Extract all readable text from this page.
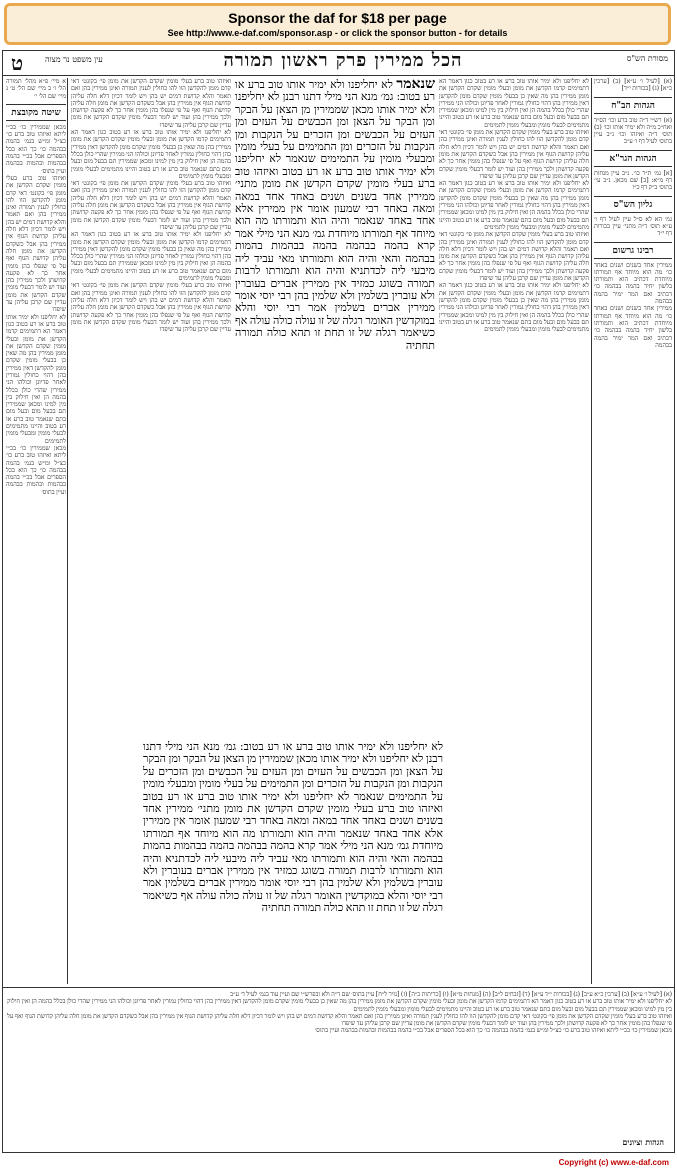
Sponsor the daf for $18 per page
See http://www.e-daf.com/sponsor.asp - or click the sponsor button - for details
מסורת הש"ס
הכל ממירין פרק ראשון תמורה
ט	עין משפט נר מצוה
א מיי׳ פ״א מהל׳ תמורה הל׳ ו׳ ב מיי׳ שם הל׳ ט׳ ג מיי׳ שם הל׳ י׳
שיטה מקובצת
מכאן שממירין כו׳ בכ״י ליתא ואיזהו טוב ברע כו׳ כצ״ל ומ״ש בגמ׳ בהמה בבהמה כו׳ כך הוא בכל הספרים אבל בכ״י בהמה בבהמות ובהמות בבהמה ועיין בתוס׳
ואיזהו טוב ברע בעלי מומין שקדם הקדשן את מומן פי׳ בקונט׳ דאי קדם מומן להקדשן הוו להו כחולין לענין תמורה ואינן ממירין בהן ואם תאמר והלא קדושת דמים יש בהן ויש לומר דכיון דלא חלה עליהן קדושת הגוף אין ממירין בהן אבל כשקדם הקדשן את מומן חלה עליהן קדושת הגוף ואף על פי שנפלו בהן מומין אחר כך לא פקעה קדושתן ולכך ממירין בהן ועוד יש לומר דבעלי מומין שקדם הקדשן את מומן עדיין שם קרבן עליהן עד שיפדו
לא יחליפנו ולא ימיר אותו טוב ברע או רע בטוב כגון דאמר הא דתמימים קדמו הקדשן את מומן ובעלי מומין שקדם הקדשן את מומן ממירין בהן מה שאין כן בבעלי מומין שקדם מומן להקדשן דאין ממירין בהן דהוי כחולין גמורין לאחר פדיונן וכולהו הני ממירין שהרי כולן בכלל בהמה הן ואין חילוק בין מין למינו ומכאן שממירין תם בבעל מום ובעל מום בתם שנאמר טוב ברע או רע בטוב והיינו מתמימים לבעלי מומין ומבעלי מומין לתמימים
מכאן שממירין כו׳ בכ״י ליתא ואיזהו טוב ברע כו׳ כצ״ל ומ״ש בגמ׳ בהמה בבהמה כו׳ כך הוא בכל הספרים אבל בכ״י בהמה בבהמות ובהמות בבהמה ועיין בתוס׳
ואיזהו טוב ברע בעלי מומין שקדם הקדשן את מומן פי׳ בקונט׳ דאי קדם מומן להקדשן הוו להו כחולין לענין תמורה ואינן ממירין בהן ואם תאמר והלא קדושת דמים יש בהן ויש לומר דכיון דלא חלה עליהן קדושת הגוף אין ממירין בהן אבל כשקדם הקדשן את מומן חלה עליהן קדושת הגוף ואף על פי שנפלו בהן מומין אחר כך לא פקעה קדושתן ולכך ממירין בהן ועוד יש לומר דבעלי מומין שקדם הקדשן את מומן עדיין שם קרבן עליהן עד שיפדו
לא יחליפנו ולא ימיר אותו טוב ברע או רע בטוב כגון דאמר הא דתמימים קדמו הקדשן את מומן ובעלי מומין שקדם הקדשן את מומן ממירין בהן מה שאין כן בבעלי מומין שקדם מומן להקדשן דאין ממירין בהן דהוי כחולין גמורין לאחר פדיונן וכולהו הני ממירין שהרי כולן בכלל בהמה הן ואין חילוק בין מין למינו ומכאן שממירין תם בבעל מום ובעל מום בתם שנאמר טוב ברע או רע בטוב והיינו מתמימים לבעלי מומין ומבעלי מומין לתמימים
ואיזהו טוב ברע בעלי מומין שקדם הקדשן את מומן פי׳ בקונט׳ דאי קדם מומן להקדשן הוו להו כחולין לענין תמורה ואינן ממירין בהן ואם תאמר והלא קדושת דמים יש בהן ויש לומר דכיון דלא חלה עליהן קדושת הגוף אין ממירין בהן אבל כשקדם הקדשן את מומן חלה עליהן קדושת הגוף ואף על פי שנפלו בהן מומין אחר כך לא פקעה קדושתן ולכך ממירין בהן ועוד יש לומר דבעלי מומין שקדם הקדשן את מומן עדיין שם קרבן עליהן עד שיפדו
לא יחליפנו ולא ימיר אותו טוב ברע או רע בטוב כגון דאמר הא דתמימים קדמו הקדשן את מומן ובעלי מומין שקדם הקדשן את מומן ממירין בהן מה שאין כן בבעלי מומין שקדם מומן להקדשן דאין ממירין בהן דהוי כחולין גמורין לאחר פדיונן וכולהו הני ממירין שהרי כולן בכלל בהמה הן ואין חילוק בין מין למינו ומכאן שממירין תם בבעל מום ובעל מום בתם שנאמר טוב ברע או רע בטוב והיינו מתמימים לבעלי מומין ומבעלי מומין לתמימים
ואיזהו טוב ברע בעלי מומין שקדם הקדשן את מומן פי׳ בקונט׳ דאי קדם מומן להקדשן הוו להו כחולין לענין תמורה ואינן ממירין בהן ואם תאמר והלא קדושת דמים יש בהן ויש לומר דכיון דלא חלה עליהן קדושת הגוף אין ממירין בהן אבל כשקדם הקדשן את מומן חלה עליהן קדושת הגוף ואף על פי שנפלו בהן מומין אחר כך לא פקעה קדושתן ולכך ממירין בהן ועוד יש לומר דבעלי מומין שקדם הקדשן את מומן עדיין שם קרבן עליהן עד שיפדו
שנאמר לא יחליפנו ולא ימיר אותו טוב ברע או רע בטוב: גמ׳ מנא הני מילי דתנו רבנן לא יחליפנו ולא ימיר אותו מכאן שממירין מן הצאן על הבקר ומן הבקר על הצאן ומן הכבשים על העזים ומן העזים על הכבשים ומן הזכרים על הנקבות ומן הנקבות על הזכרים ומן התמימים על בעלי מומין ומבעלי מומין על התמימים שנאמר לא יחליפנו ולא ימיר אותו טוב ברע או רע בטוב ואיזהו טוב ברע בעלי מומין שקדם הקדשן את מומן מתני׳ ממירין אחד בשנים ושנים באחד אחד במאה ומאה באחד רבי שמעון אומר אין ממירין אלא אחד באחד שנאמר והיה הוא ותמורתו מה הוא מיוחד אף תמורתו מיוחדת גמ׳ מנא הני מילי אמר קרא בהמה בבהמה בהמה בבהמות בהמות בבהמה והאי והיה הוא ותמורתו מאי עביד ליה מיבעי ליה לכדתניא והיה הוא ותמורתו לרבות תמורה בשוגג כמזיד אין ממירין אברים בעוברין ולא עוברין בשלמין ולא שלמין בהן רבי יוסי אומר ממירין אברים בשלמין אמר רבי יוסי והלא במוקדשין האומר רגלה של זו עולה כולה עולה אף כשיאמר רגלה של זו תחת זו תהא כולה תמורה תחתיה
לא יחליפנו ולא ימיר אותו טוב ברע או רע בטוב: גמ׳ מנא הני מילי דתנו רבנן לא יחליפנו ולא ימיר אותו מכאן שממירין מן הצאן על הבקר ומן הבקר על הצאן ומן הכבשים על העזים ומן העזים על הכבשים ומן הזכרים על הנקבות ומן הנקבות על הזכרים ומן התמימים על בעלי מומין ומבעלי מומין על התמימים שנאמר לא יחליפנו ולא ימיר אותו טוב ברע או רע בטוב ואיזהו טוב ברע בעלי מומין שקדם הקדשן את מומן מתני׳ ממירין אחד בשנים ושנים באחד אחד במאה ומאה באחד רבי שמעון אומר אין ממירין אלא אחד באחד שנאמר והיה הוא ותמורתו מה הוא מיוחד אף תמורתו מיוחדת גמ׳ מנא הני מילי אמר קרא בהמה בבהמה בהמה בבהמות בהמות בבהמה והאי והיה הוא ותמורתו מאי עביד ליה מיבעי ליה לכדתניא והיה הוא ותמורתו לרבות תמורה בשוגג כמזיד אין ממירין אברים בעוברין ולא עוברין בשלמין ולא שלמין בהן רבי יוסי אומר ממירין אברים בשלמין אמר רבי יוסי והלא במוקדשין האומר רגלה של זו עולה כולה עולה אף כשיאמר רגלה של זו תחת זו תהא כולה תמורה תחתיה
לא יחליפנו ולא ימיר אותו טוב ברע או רע בטוב כגון דאמר הא דתמימים קדמו הקדשן את מומן ובעלי מומין שקדם הקדשן את מומן ממירין בהן מה שאין כן בבעלי מומין שקדם מומן להקדשן דאין ממירין בהן דהוי כחולין גמורין לאחר פדיונן וכולהו הני ממירין שהרי כולן בכלל בהמה הן ואין חילוק בין מין למינו ומכאן שממירין תם בבעל מום ובעל מום בתם שנאמר טוב ברע או רע בטוב והיינו מתמימים לבעלי מומין ומבעלי מומין לתמימים
ואיזהו טוב ברע בעלי מומין שקדם הקדשן את מומן פי׳ בקונט׳ דאי קדם מומן להקדשן הוו להו כחולין לענין תמורה ואינן ממירין בהן ואם תאמר והלא קדושת דמים יש בהן ויש לומר דכיון דלא חלה עליהן קדושת הגוף אין ממירין בהן אבל כשקדם הקדשן את מומן חלה עליהן קדושת הגוף ואף על פי שנפלו בהן מומין אחר כך לא פקעה קדושתן ולכך ממירין בהן ועוד יש לומר דבעלי מומין שקדם הקדשן את מומן עדיין שם קרבן עליהן עד שיפדו
לא יחליפנו ולא ימיר אותו טוב ברע או רע בטוב כגון דאמר הא דתמימים קדמו הקדשן את מומן ובעלי מומין שקדם הקדשן את מומן ממירין בהן מה שאין כן בבעלי מומין שקדם מומן להקדשן דאין ממירין בהן דהוי כחולין גמורין לאחר פדיונן וכולהו הני ממירין שהרי כולן בכלל בהמה הן ואין חילוק בין מין למינו ומכאן שממירין תם בבעל מום ובעל מום בתם שנאמר טוב ברע או רע בטוב והיינו מתמימים לבעלי מומין ומבעלי מומין לתמימים
ואיזהו טוב ברע בעלי מומין שקדם הקדשן את מומן פי׳ בקונט׳ דאי קדם מומן להקדשן הוו להו כחולין לענין תמורה ואינן ממירין בהן ואם תאמר והלא קדושת דמים יש בהן ויש לומר דכיון דלא חלה עליהן קדושת הגוף אין ממירין בהן אבל כשקדם הקדשן את מומן חלה עליהן קדושת הגוף ואף על פי שנפלו בהן מומין אחר כך לא פקעה קדושתן ולכך ממירין בהן ועוד יש לומר דבעלי מומין שקדם הקדשן את מומן עדיין שם קרבן עליהן עד שיפדו
לא יחליפנו ולא ימיר אותו טוב ברע או רע בטוב כגון דאמר הא דתמימים קדמו הקדשן את מומן ובעלי מומין שקדם הקדשן את מומן ממירין בהן מה שאין כן בבעלי מומין שקדם מומן להקדשן דאין ממירין בהן דהוי כחולין גמורין לאחר פדיונן וכולהו הני ממירין שהרי כולן בכלל בהמה הן ואין חילוק בין מין למינו ומכאן שממירין תם בבעל מום ובעל מום בתם שנאמר טוב ברע או רע בטוב והיינו מתמימים לבעלי מומין ומבעלי מומין לתמימים
(א) [לעיל ו׳ ע״א] (ב) [ערכין כ״א] (ג) [בכורות י״ד]
הגהות הב"ח
(א) רש״י ד״ה טוב ברע וכו׳ הס״ד ואח״כ מ״ה ולא ימיר אותו וכו׳ (ב) תוס׳ ד״ה ואיזהו וכו׳ נ״ב עיין בתוס׳ לעיל דף ו׳ ע״ב
הגהות הגר"א
[א] גמ׳ ת״ר כו׳. נ״ב עיין מנחות דף מ״א: [ב] שם מכאן. נ״ב עי׳ בתוס׳ ב״ק דף כ״ו
גליון הש"ס
גמ׳ הא לא ס״ל עיין לעיל דף ו׳ ע״א תוס׳ ד״ה מתני׳ עיין בכורות דף י״ד
רבינו גרשום
ממירין אחד בשנים ושנים באחד כו׳ מה הוא מיוחד אף תמורתו מיוחדת דכתיב הוא ותמורתו בלשון יחיד בהמה בבהמה כו׳ דכתיב ואם המר ימיר בהמה בבהמה
ממירין אחד בשנים ושנים באחד כו׳ מה הוא מיוחד אף תמורתו מיוחדת דכתיב הוא ותמורתו בלשון יחיד בהמה בבהמה כו׳ דכתיב ואם המר ימיר בהמה בבהמה
(א) [לעיל ו׳ ע״א] (ב) [ערכין כ״א ע״ב] (ג) [בכורות י״ד ע״א] (ד) [זבחים ל״ב] (ה) [מנחות מ״א] (ו) [כריתות כ״ה] (ז) [נזיר ל״ח] עיין בתוס׳ שם ד״ה ולא ובפרש״י שם ועיין עוד בגמ׳ לעיל ד׳ ע״ב
לא יחליפנו ולא ימיר אותו טוב ברע או רע בטוב כגון דאמר הא דתמימים קדמו הקדשן את מומן ובעלי מומין שקדם הקדשן את מומן ממירין בהן מה שאין כן בבעלי מומין שקדם מומן להקדשן דאין ממירין בהן דהוי כחולין גמורין לאחר פדיונן וכולהו הני ממירין שהרי כולן בכלל בהמה הן ואין חילוק בין מין למינו ומכאן שממירין תם בבעל מום ובעל מום בתם שנאמר טוב ברע או רע בטוב והיינו מתמימים לבעלי מומין ומבעלי מומין לתמימים
ואיזהו טוב ברע בעלי מומין שקדם הקדשן את מומן פי׳ בקונט׳ דאי קדם מומן להקדשן הוו להו כחולין לענין תמורה ואינן ממירין בהן ואם תאמר והלא קדושת דמים יש בהן ויש לומר דכיון דלא חלה עליהן קדושת הגוף אין ממירין בהן אבל כשקדם הקדשן את מומן חלה עליהן קדושת הגוף ואף על פי שנפלו בהן מומין אחר כך לא פקעה קדושתן ולכך ממירין בהן ועוד יש לומר דבעלי מומין שקדם הקדשן את מומן עדיין שם קרבן עליהן עד שיפדו
מכאן שממירין כו׳ בכ״י ליתא ואיזהו טוב ברע כו׳ כצ״ל ומ״ש בגמ׳ בהמה בבהמה כו׳ כך הוא בכל הספרים אבל בכ״י בהמה בבהמות ובהמות בבהמה ועיין בתוס׳
הגהות וציונים
Copyright (c) www.e-daf.com
